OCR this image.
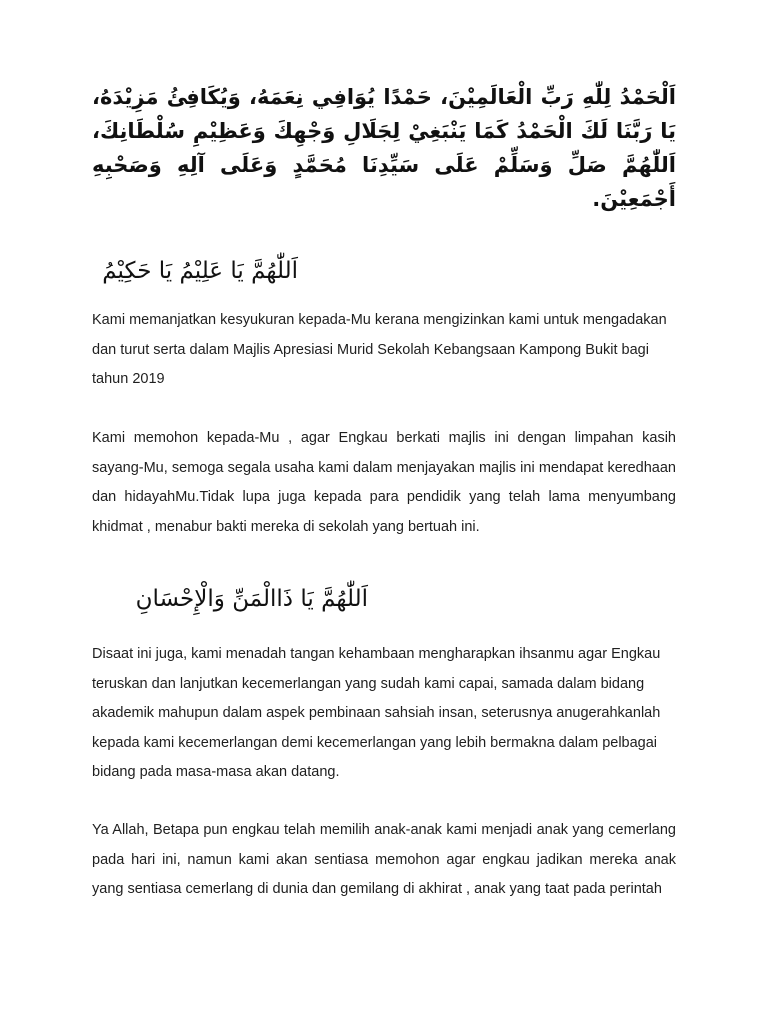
اَلْحَمْدُ لِلّٰهِ رَبِّ الْعَالَمِيْنَ، حَمْدًا يُوَافِي نِعَمَهُ، وَيُكَافِئُ مَزِيْدَهُ، يَا رَبَّنَا لَكَ الْحَمْدُ كَمَا يَنْبَغِيْ لِجَلَالِ وَجْهِكَ وَعَظِيْمِ سُلْطَانِكَ، اَللّٰهُمَّ صَلِّ وَسَلِّمْ عَلَى سَيِّدِنَا مُحَمَّدٍ وَعَلَى آلِهِ وَصَحْبِهِ أَجْمَعِيْنَ.
اَللّٰهُمَّ يَا عَلِيْمُ يَا حَكِيْمُ

Kami memanjatkan kesyukuran kepada-Mu kerana mengizinkan kami untuk mengadakan dan turut serta dalam Majlis Apresiasi Murid Sekolah Kebangsaan Kampong Bukit bagi tahun 2019

Kami memohon kepada-Mu , agar Engkau berkati majlis ini dengan limpahan kasih sayang-Mu, semoga segala usaha kami dalam menjayakan majlis ini mendapat keredhaan dan hidayahMu.Tidak lupa juga kepada para pendidik yang telah lama menyumbang khidmat , menabur bakti mereka di sekolah yang bertuah ini.

اَللّٰهُمَّ يَا ذَاالْمَنِّ وَالْإِحْسَانِ

Disaat ini juga, kami menadah tangan kehambaan mengharapkan ihsanmu agar Engkau teruskan dan lanjutkan kecemerlangan yang sudah kami capai, samada dalam bidang akademik mahupun dalam aspek pembinaan sahsiah insan, seterusnya anugerahkanlah kepada kami kecemerlangan demi kecemerlangan yang lebih bermakna dalam pelbagai bidang pada masa-masa akan datang.

Ya Allah, Betapa pun engkau telah memilih anak-anak kami menjadi anak yang cemerlang pada hari ini, namun kami akan sentiasa memohon agar engkau jadikan mereka anak yang sentiasa cemerlang di dunia dan gemilang di akhirat , anak yang taat pada perintah
